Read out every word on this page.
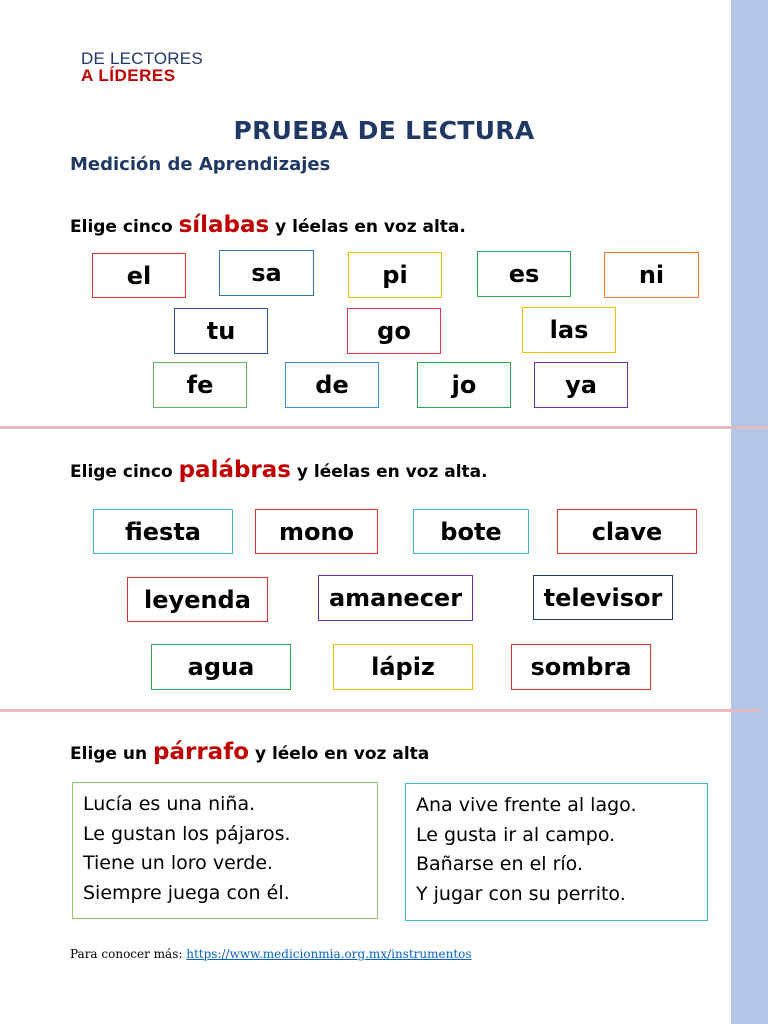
DE LECTORES
A LÍDERES
PRUEBA DE LECTURA
Medición de Aprendizajes
Elige cinco sílabas y léelas en voz alta.
el	sa	pi	es	ni
tu	go	las
fe	de	jo	ya
Elige cinco palábras y léelas en voz alta.
fiesta	mono	bote	clave
leyenda	amanecer	televisor
agua	lápiz	sombra
Elige un párrafo y léelo en voz alta
Lucía es una niña.
Le gustan los pájaros.
Tiene un loro verde.
Siempre juega con él.
Ana vive frente al lago.
Le gusta ir al campo.
Bañarse en el río.
Y jugar con su perrito.
Para conocer más: https://www.medicionmia.org.mx/instrumentos
